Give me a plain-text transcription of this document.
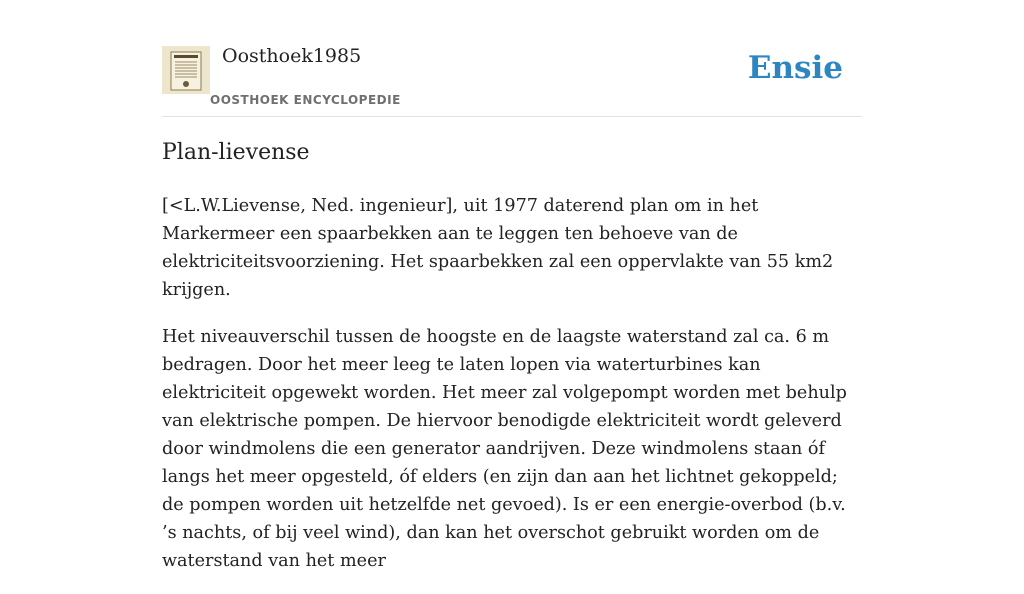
Oosthoek1985
OOSTHOEK ENCYCLOPEDIE
Ensie
Plan-lievense

[<L.W.Lievense, Ned. ingenieur], uit 1977 daterend plan om in het Markermeer een spaarbekken aan te leggen ten behoeve van de elektriciteitsvoorziening. Het spaarbekken zal een oppervlakte van 55 km2 krijgen.

Het niveauverschil tussen de hoogste en de laagste waterstand zal ca. 6 m bedragen. Door het meer leeg te laten lopen via waterturbines kan elektriciteit opgewekt worden. Het meer zal volgepompt worden met behulp van elektrische pompen. De hiervoor benodigde elektriciteit wordt geleverd door windmolens die een generator aandrijven. Deze windmolens staan óf langs het meer opgesteld, óf elders (en zijn dan aan het lichtnet gekoppeld; de pompen worden uit hetzelfde net gevoed). Is er een energie-overbod (b.v. ’s nachts, of bij veel wind), dan kan het overschot gebruikt worden om de waterstand van het meer
